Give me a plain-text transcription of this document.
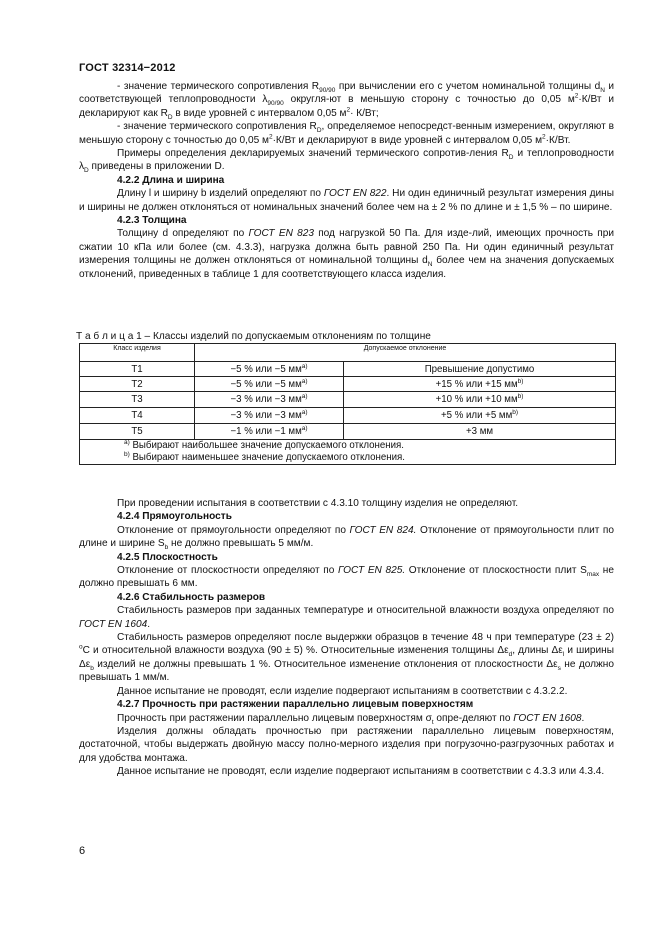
ГОСТ 32314−2012

- значение термического сопротивления $R_{90/90}$ при вычислении его с учетом номинальной толщины $d_N$ и соответствующей теплопроводности $\lambda_{90/90}$ округля-ют в меньшую сторону с точностью до 0,05 $м^2\cdot К/Вт$ и декларируют как $R_D$ в виде уровней с интервалом 0,05 $м^2\cdot К/Вт$;

- значение термического сопротивления $R_D$, определяемое непосредст-венным измерением, округляют в меньшую сторону с точностью до 0,05 $м^2\cdot К/Вт$ и декларируют в виде уровней с интервалом 0,05 $м^2\cdot К/Вт$.

Примеры определения декларируемых значений термического сопротив-ления $R_D$ и теплопроводности $\lambda_D$ приведены в приложении D.

4.2.2 Длина и ширина

Длину l и ширину b изделий определяют по ГОСТ EN 822. Ни один единичный результат измерения дины и ширины не должен отклоняться от номинальных значений более чем на ± 2 % по длине и ± 1,5 % – по ширине.

4.2.3 Толщина

Толщину d определяют по ГОСТ EN 823 под нагрузкой 50 Па. Для изде-лий, имеющих прочность при сжатии 10 кПа или более (см. 4.3.3), нагрузка должна быть равной 250 Па. Ни один единичный результат измерения толщины не должен отклоняться от номинальной толщины $d_N$ более чем на значения допускаемых отклонений, приведенных в таблице 1 для соответствующего класса изделия.

Т а б л и ц а 1 – Классы изделий по допускаемым отклонениям по толщине
Класс изделия	Допускаемое отклонение	
Т1	−5 % или −5 $мм^{а)}$	Превышение допустимо
Т2	−5 % или −5 $мм^{а)}$	+15 % или +15 $мм^{b)}$
Т3	−3 % или −3 $мм^{а)}$	+10 % или +10 $мм^{b)}$
Т4	−3 % или −3 $мм^{а)}$	+5 % или +5 $мм^{b)}$
Т5	−1 % или −1 $мм^{а)}$	+3 мм

$^{а)}$ Выбирают наибольшее значение допускаемого отклонения.
$^{b)}$ Выбирают наименьшее значение допускаемого отклонения.		

При проведении испытания в соответствии с 4.3.10 толщину изделия не определяют.

4.2.4 Прямоугольность

Отклонение от прямоугольности определяют по ГОСТ EN 824. Отклонение от прямоугольности плит по длине и ширине $S_b$ не должно превышать 5 мм/м.

4.2.5 Плоскостность

Отклонение от плоскостности определяют по ГОСТ EN 825. Отклонение от плоскостности плит $S_{max}$ не должно превышать 6 мм.

4.2.6 Стабильность размеров

Стабильность размеров при заданных температуре и относительной влажности воздуха определяют по ГОСТ EN 1604.

Стабильность размеров определяют после выдержки образцов в течение 48 ч при температуре (23 ± 2) $^о$С и относительной влажности воздуха (90 ± 5) %. Относительные изменения толщины $\Delta\varepsilon_d$, длины $\Delta\varepsilon_l$ и ширины $\Delta\varepsilon_b$ изделий не должны превышать 1 %. Относительное изменение отклонения от плоскостности $\Delta\varepsilon_s$ не должно превышать 1 мм/м.

Данное испытание не проводят, если изделие подвергают испытаниям в соответствии с 4.3.2.2.

4.2.7 Прочность при растяжении параллельно лицевым поверхностям

Прочность при растяжении параллельно лицевым поверхностям $\sigma_t$ опре-деляют по ГОСТ EN 1608.

Изделия должны обладать прочностью при растяжении параллельно лицевым поверхностям, достаточной, чтобы выдержать двойную массу полно-мерного изделия при погрузочно-разгрузочных работах и для удобства монтажа.

Данное испытание не проводят, если изделие подвергают испытаниям в соответствии с 4.3.3 или 4.3.4.

6
